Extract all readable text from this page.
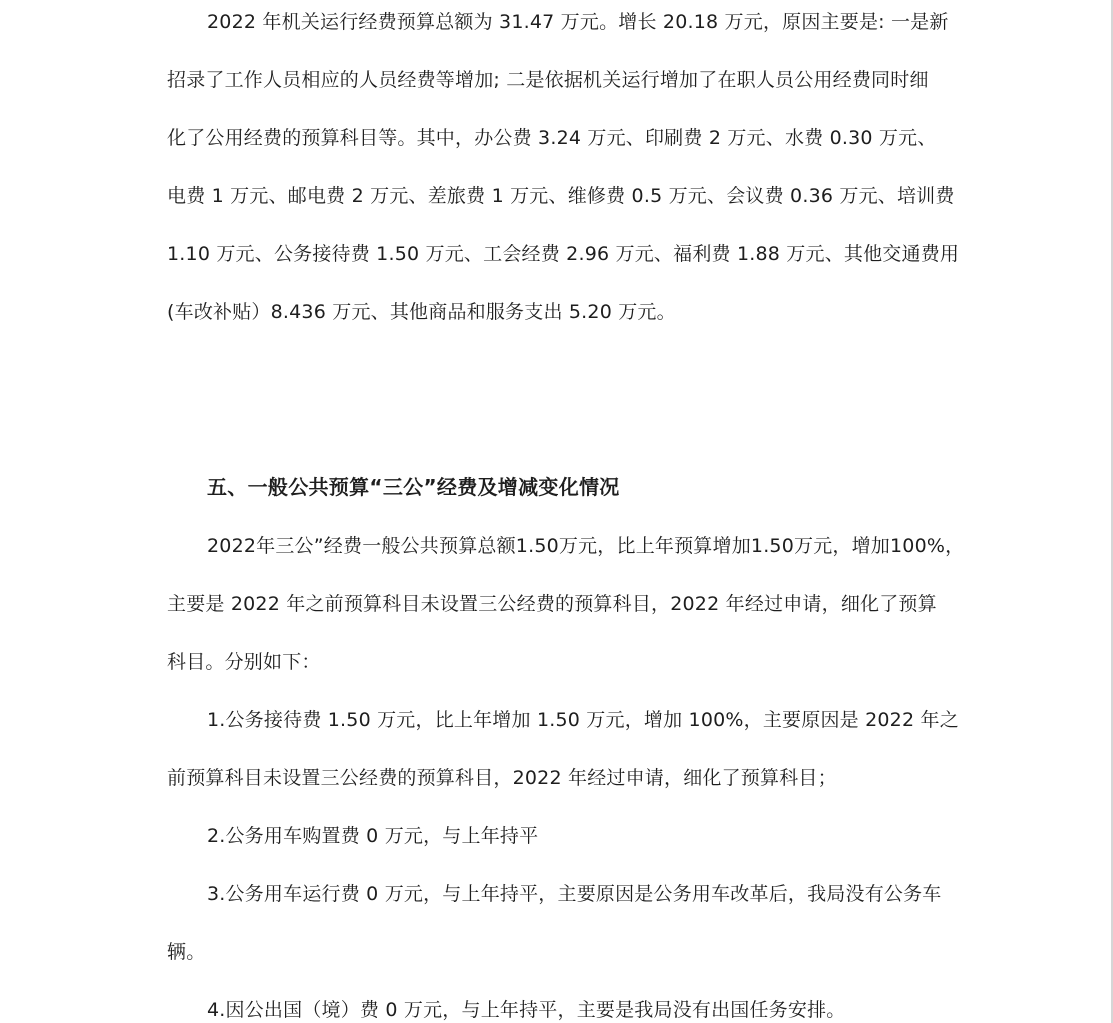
2022 年机关运行经费预算总额为 31.47 万元。增长 20.18 万元，原因主要是: 一是新
招录了工作人员相应的人员经费等增加; 二是依据机关运行增加了在职人员公用经费同时细
化了公用经费的预算科目等。其中，办公费 3.24 万元、印刷费 2 万元、水费 0.30 万元、
电费 1 万元、邮电费 2 万元、差旅费 1 万元、维修费 0.5 万元、会议费 0.36 万元、培训费
1.10 万元、公务接待费 1.50 万元、工会经费 2.96 万元、福利费 1.88 万元、其他交通费用
(车改补贴）8.436 万元、其他商品和服务支出 5.20 万元。
五、一般公共预算“三公”经费及增减变化情况
2022年三公”经费一般公共预算总额1.50万元，比上年预算增加1.50万元，增加100%，
主要是 2022 年之前预算科目未设置三公经费的预算科目，2022 年经过申请，细化了预算
科目。分别如下：
1.公务接待费 1.50 万元，比上年增加 1.50 万元，增加 100%，主要原因是 2022 年之
前预算科目未设置三公经费的预算科目，2022 年经过申请，细化了预算科目；
2.公务用车购置费 0 万元，与上年持平
3.公务用车运行费 0 万元，与上年持平，主要原因是公务用车改革后，我局没有公务车
辆。
4.因公出国（境）费 0 万元，与上年持平，主要是我局没有出国任务安排。
